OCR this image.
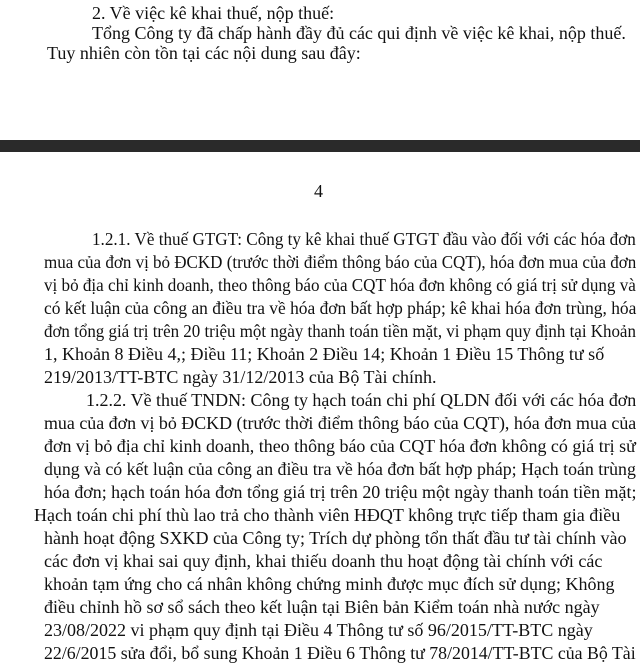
2. Về việc kê khai thuế, nộp thuế:
Tổng Công ty đã chấp hành đầy đủ các qui định về việc kê khai, nộp thuế.
Tuy nhiên còn tồn tại các nội dung sau đây:
4
1.2.1. Về thuế GTGT: Công ty kê khai thuế GTGT đầu vào đối với các hóa đơn
mua của đơn vị bỏ ĐCKD (trước thời điểm thông báo của CQT), hóa đơn mua của đơn
vị bỏ địa chỉ kinh doanh, theo thông báo của CQT hóa đơn không có giá trị sử dụng và
có kết luận của công an điều tra về hóa đơn bất hợp pháp; kê khai hóa đơn trùng, hóa
đơn tổng giá trị trên 20 triệu một ngày thanh toán tiền mặt, vi phạm quy định tại Khoản
1, Khoản 8 Điều 4,; Điều 11; Khoản 2 Điều 14; Khoản 1 Điều 15 Thông tư số
219/2013/TT-BTC ngày 31/12/2013 của Bộ Tài chính.
1.2.2. Về thuế TNDN: Công ty hạch toán chi phí QLDN đối với các hóa đơn
mua của đơn vị bỏ ĐCKD (trước thời điểm thông báo của CQT), hóa đơn mua của
đơn vị bỏ địa chỉ kinh doanh, theo thông báo của CQT hóa đơn không có giá trị sử
dụng và có kết luận của công an điều tra về hóa đơn bất hợp pháp; Hạch toán trùng
hóa đơn; hạch toán hóa đơn tổng giá trị trên 20 triệu một ngày thanh toán tiền mặt;
Hạch toán chi phí thù lao trả cho thành viên HĐQT không trực tiếp tham gia điều
hành hoạt động SXKD của Công ty; Trích dự phòng tổn thất đầu tư tài chính vào
các đơn vị khai sai quy định, khai thiếu doanh thu hoạt động tài chính với các
khoản tạm ứng cho cá nhân không chứng minh được mục đích sử dụng; Không
điều chỉnh hồ sơ sổ sách theo kết luận tại Biên bản Kiểm toán nhà nước ngày
23/08/2022 vi phạm quy định tại Điều 4 Thông tư số 96/2015/TT-BTC ngày
22/6/2015 sửa đổi, bổ sung Khoản 1 Điều 6 Thông tư 78/2014/TT-BTC của Bộ Tài
